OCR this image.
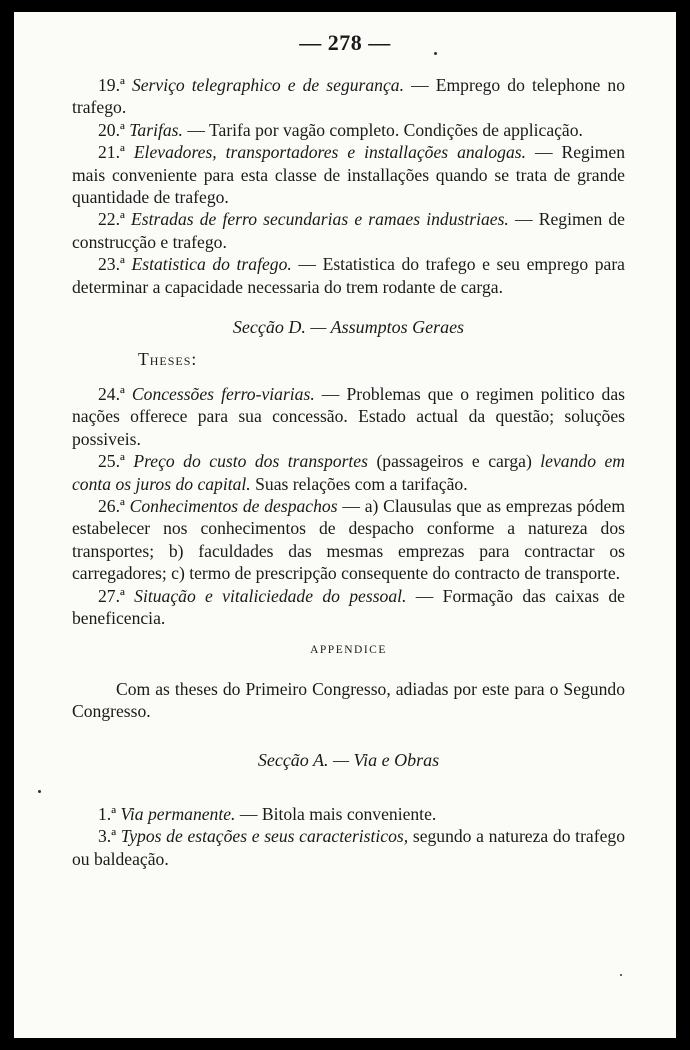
— 278 —

19.ª Serviço telegraphico e de segurança. — Emprego do telephone no trafego.

20.ª Tarifas. — Tarifa por vagão completo. Condições de applicação.

21.ª Elevadores, transportadores e installações analogas. — Regimen mais conveniente para esta classe de installações quando se trata de grande quantidade de trafego.

22.ª Estradas de ferro secundarias e ramaes industriaes. — Regimen de construcção e trafego.

23.ª Estatistica do trafego. — Estatistica do trafego e seu emprego para determinar a capacidade necessaria do trem rodante de carga.

Secção D. — Assumptos Geraes
Theses:

24.ª Concessões ferro-viarias. — Problemas que o regimen politico das nações offerece para sua concessão. Estado actual da questão; soluções possiveis.

25.ª Preço do custo dos transportes (passageiros e carga) levando em conta os juros do capital. Suas relações com a tarifação.

26.ª Conhecimentos de despachos — a) Clausulas que as emprezas pódem estabelecer nos conhecimentos de despacho conforme a natureza dos transportes; b) faculdades das mesmas emprezas para contractar os carregadores; c) termo de prescripção consequente do contracto de transporte.

27.ª Situação e vitaliciedade do pessoal. — Formação das caixas de beneficencia.

APPENDICE

Com as theses do Primeiro Congresso, adiadas por este para o Segundo Congresso.

Secção A. — Via e Obras

1.ª Via permanente. — Bitola mais conveniente.

3.ª Typos de estações e seus caracteristicos, segundo a natureza do trafego ou baldeação.
